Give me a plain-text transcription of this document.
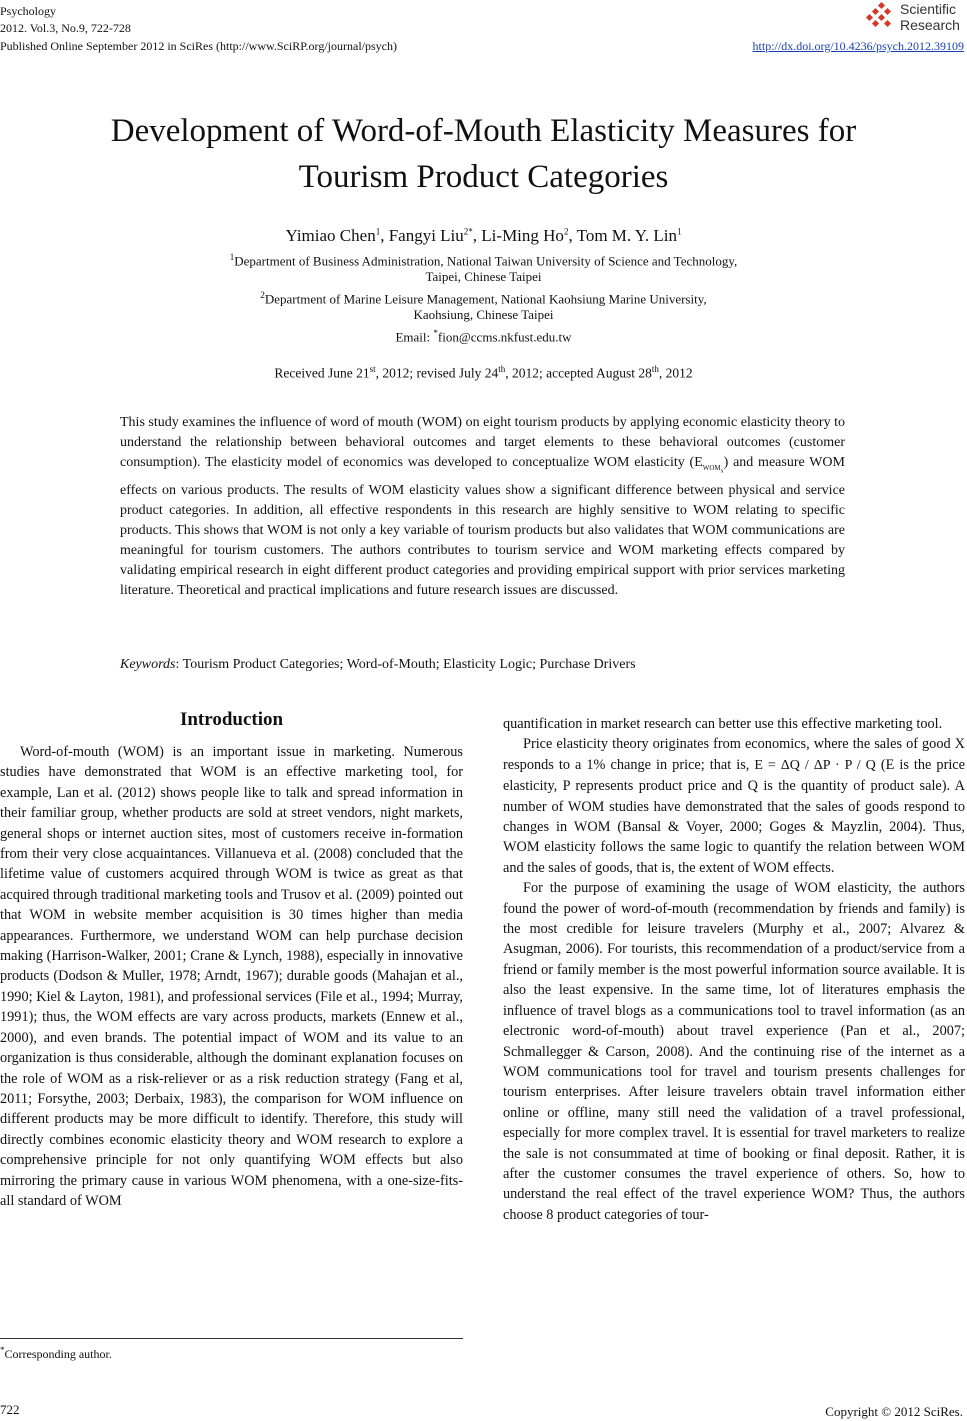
Psychology
2012. Vol.3, No.9, 722-728
Published Online September 2012 in SciRes (http://www.SciRP.org/journal/psych)	http://dx.doi.org/10.4236/psych.2012.39109
Scientific
Research
Development of Word-of-Mouth Elasticity Measures for
Tourism Product Categories
Yimiao Chen$^1$, Fangyi Liu$^{2*}$, Li-Ming Ho$^2$, Tom M. Y. Lin$^1$
$^1$Department of Business Administration, National Taiwan University of Science and Technology,
Taipei, Chinese Taipei
$^2$Department of Marine Leisure Management, National Kaohsiung Marine University,
Kaohsiung, Chinese Taipei
Email: *fion@ccms.nkfust.edu.tw
Received June 21st, 2012; revised July 24th, 2012; accepted August 28th, 2012

This study examines the influence of word of mouth (WOM) on eight tourism products by applying economic elasticity theory to understand the relationship between behavioral outcomes and target elements to these behavioral outcomes (customer consumption). The elasticity model of economics was developed to conceptualize WOM elasticity $(E_{WOM_x})$ and measure WOM effects on various products. The results of WOM elasticity values show a significant difference between physical and service product categories. In addition, all effective respondents in this research are highly sensitive to WOM relating to specific products. This shows that WOM is not only a key variable of tourism products but also validates that WOM communications are meaningful for tourism customers. The authors contributes to tourism service and WOM marketing effects compared by validating empirical research in eight different product categories and providing empirical support with prior services marketing literature. Theoretical and practical implications and future research issues are discussed.

Keywords: Tourism Product Categories; Word-of-Mouth; Elasticity Logic; Purchase Drivers
Introduction

Word-of-mouth (WOM) is an important issue in marketing. Numerous studies have demonstrated that WOM is an effective marketing tool, for example, Lan et al. (2012) shows people like to talk and spread information in their familiar group, whether products are sold at street vendors, night markets, general shops or internet auction sites, most of customers receive in-formation from their very close acquaintances. Villanueva et al. (2008) concluded that the lifetime value of customers acquired through WOM is twice as great as that acquired through traditional marketing tools and Trusov et al. (2009) pointed out that WOM in website member acquisition is 30 times higher than media appearances. Furthermore, we understand WOM can help purchase decision making (Harrison-Walker, 2001; Crane & Lynch, 1988), especially in innovative products (Dodson & Muller, 1978; Arndt, 1967); durable goods (Mahajan et al., 1990; Kiel & Layton, 1981), and professional services (File et al., 1994; Murray, 1991); thus, the WOM effects are vary across products, markets (Ennew et al., 2000), and even brands. The potential impact of WOM and its value to an organization is thus considerable, although the dominant explanation focuses on the role of WOM as a risk-reliever or as a risk reduction strategy (Fang et al, 2011; Forsythe, 2003; Derbaix, 1983), the comparison for WOM influence on different products may be more difficult to identify. Therefore, this study will directly combines economic elasticity theory and WOM research to explore a comprehensive principle for not only quantifying WOM effects but also mirroring the primary cause in various WOM phenomena, with a one-size-fits-all standard of WOM

quantification in market research can better use this effective marketing tool.

Price elasticity theory originates from economics, where the sales of good X responds to a 1% change in price; that is, E = ΔQ / ΔP · P / Q (E is the price elasticity, P represents product price and Q is the quantity of product sale). A number of WOM studies have demonstrated that the sales of goods respond to changes in WOM (Bansal & Voyer, 2000; Goges & Mayzlin, 2004). Thus, WOM elasticity follows the same logic to quantify the relation between WOM and the sales of goods, that is, the extent of WOM effects.

For the purpose of examining the usage of WOM elasticity, the authors found the power of word-of-mouth (recommendation by friends and family) is the most credible for leisure travelers (Murphy et al., 2007; Alvarez & Asugman, 2006). For tourists, this recommendation of a product/service from a friend or family member is the most powerful information source available. It is also the least expensive. In the same time, lot of literatures emphasis the influence of travel blogs as a communications tool to travel information (as an electronic word-of-mouth) about travel experience (Pan et al., 2007; Schmallegger & Carson, 2008). And the continuing rise of the internet as a WOM communications tool for travel and tourism presents challenges for tourism enterprises. After leisure travelers obtain travel information either online or offline, many still need the validation of a travel professional, especially for more complex travel. It is essential for travel marketers to realize the sale is not consummated at time of booking or final deposit. Rather, it is after the customer consumes the travel experience of others. So, how to understand the real effect of the travel experience WOM? Thus, the authors choose 8 product categories of tour-

*Corresponding author.
722	Copyright © 2012 SciRes.
